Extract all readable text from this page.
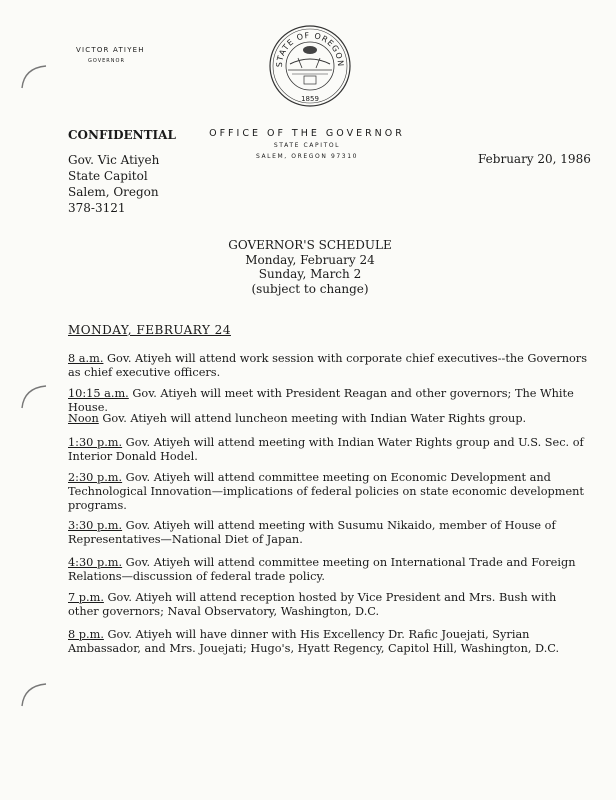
VICTOR ATIYEH
GOVERNOR	STATE OF OREGON
1859
OFFICE OF THE GOVERNOR
STATE CAPITOL
SALEM, OREGON 97310
CONFIDENTIAL
Gov. Vic Atiyeh
State Capitol
Salem, Oregon
378-3121
February 20, 1986
GOVERNOR'S SCHEDULE
Monday, February 24
Sunday, March 2
(subject to change)
MONDAY, FEBRUARY 24
8 a.m. Gov. Atiyeh will attend work session with corporate chief executives--the Governors as chief executive officers.
10:15 a.m. Gov. Atiyeh will meet with President Reagan and other governors; The White House.
Noon Gov. Atiyeh will attend luncheon meeting with Indian Water Rights group.
1:30 p.m. Gov. Atiyeh will attend meeting with Indian Water Rights group and U.S. Sec. of Interior Donald Hodel.
2:30 p.m. Gov. Atiyeh will attend committee meeting on Economic Development and Technological Innovation—implications of federal policies on state economic development programs.
3:30 p.m. Gov. Atiyeh will attend meeting with Susumu Nikaido, member of House of Representatives—National Diet of Japan.
4:30 p.m. Gov. Atiyeh will attend committee meeting on International Trade and Foreign Relations—discussion of federal trade policy.
7 p.m. Gov. Atiyeh will attend reception hosted by Vice President and Mrs. Bush with other governors; Naval Observatory, Washington, D.C.
8 p.m. Gov. Atiyeh will have dinner with His Excellency Dr. Rafic Jouejati, Syrian Ambassador, and Mrs. Jouejati; Hugo's, Hyatt Regency, Capitol Hill, Washington, D.C.
